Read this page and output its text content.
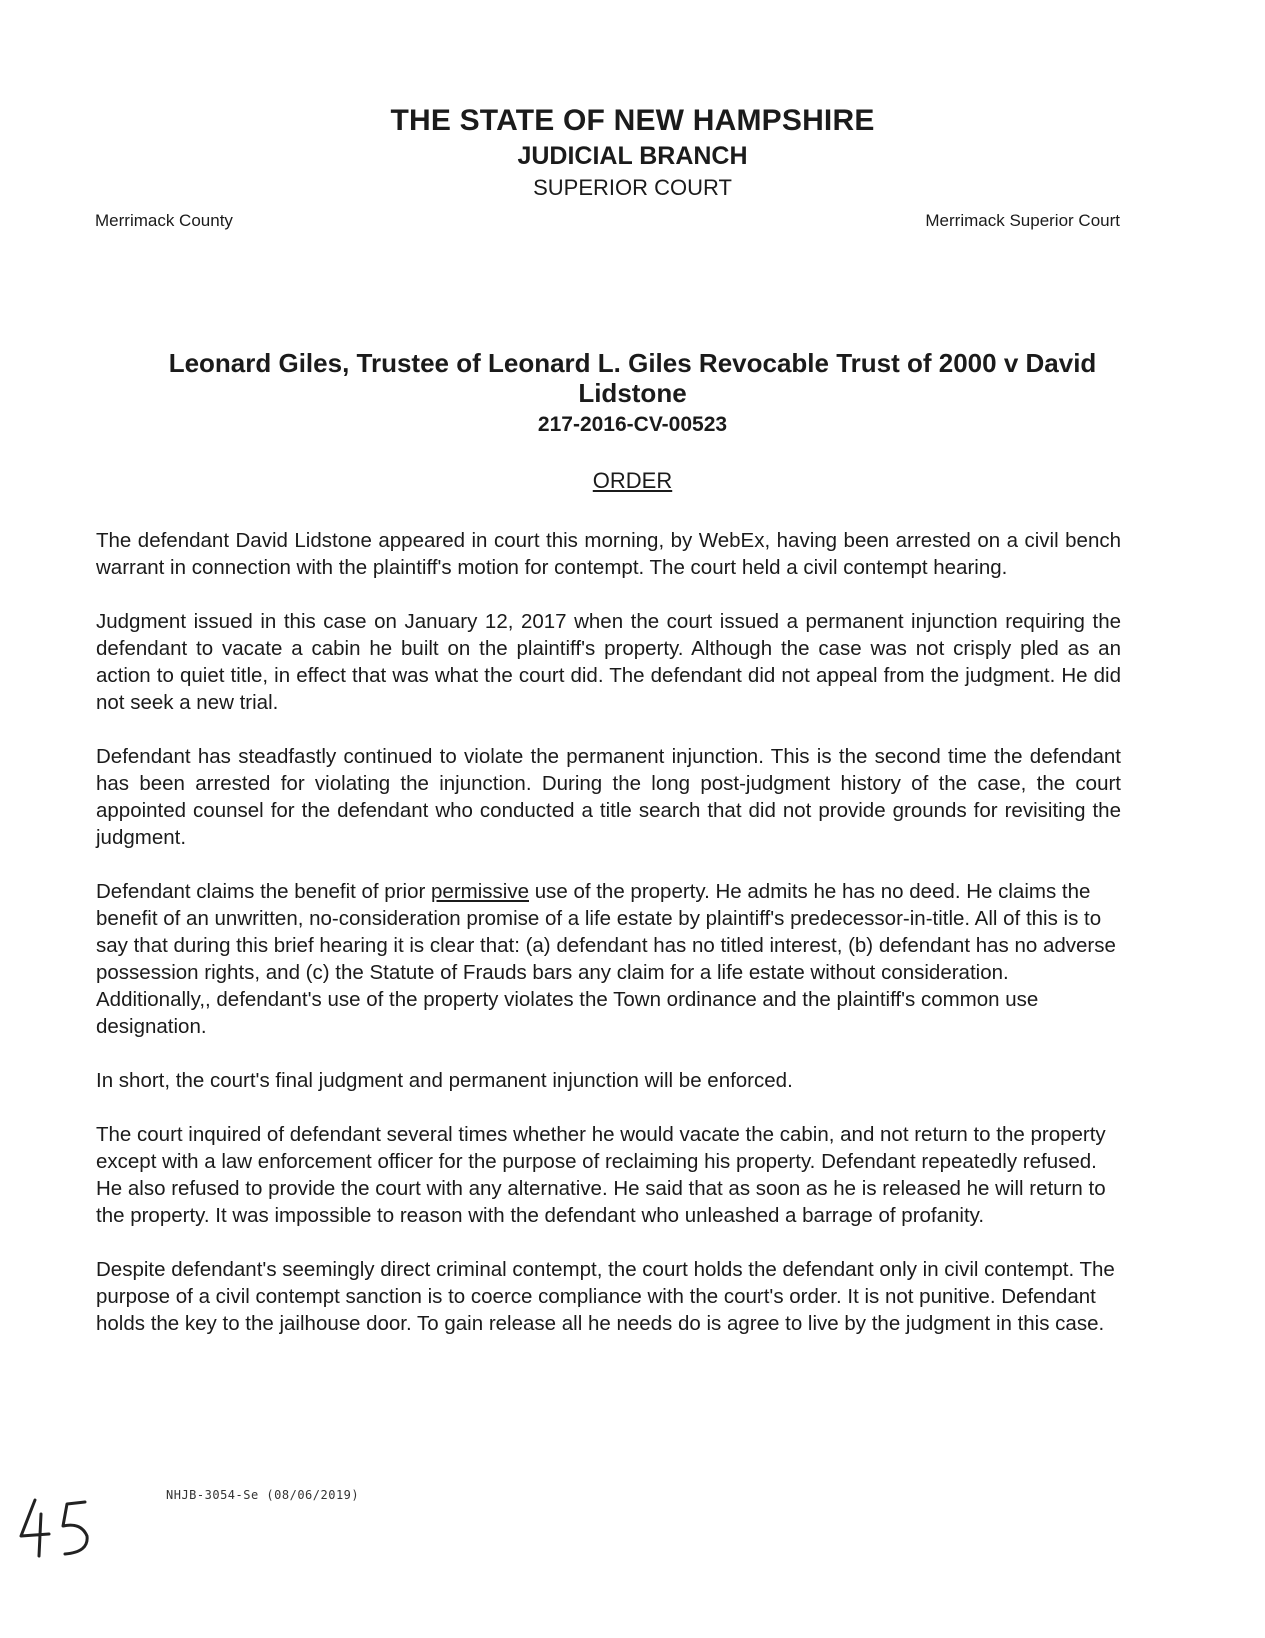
THE STATE OF NEW HAMPSHIRE
JUDICIAL BRANCH
SUPERIOR COURT
Merrimack County	Merrimack Superior Court
Leonard Giles, Trustee of Leonard L. Giles Revocable Trust of 2000 v David Lidstone
217-2016-CV-00523
ORDER

The defendant David Lidstone appeared in court this morning, by WebEx, having been arrested on a civil bench warrant in connection with the plaintiff's motion for contempt. The court held a civil contempt hearing.

Judgment issued in this case on January 12, 2017 when the court issued a permanent injunction requiring the defendant to vacate a cabin he built on the plaintiff's property. Although the case was not crisply pled as an action to quiet title, in effect that was what the court did. The defendant did not appeal from the judgment. He did not seek a new trial.

Defendant has steadfastly continued to violate the permanent injunction. This is the second time the defendant has been arrested for violating the injunction. During the long post-judgment history of the case, the court appointed counsel for the defendant who conducted a title search that did not provide grounds for revisiting the judgment.

Defendant claims the benefit of prior permissive use of the property. He admits he has no deed. He claims the benefit of an unwritten, no-consideration promise of a life estate by plaintiff's predecessor-in-title. All of this is to say that during this brief hearing it is clear that: (a) defendant has no titled interest, (b) defendant has no adverse possession rights, and (c) the Statute of Frauds bars any claim for a life estate without consideration. Additionally,, defendant's use of the property violates the Town ordinance and the plaintiff's common use designation.

In short, the court's final judgment and permanent injunction will be enforced.

The court inquired of defendant several times whether he would vacate the cabin, and not return to the property except with a law enforcement officer for the purpose of reclaiming his property. Defendant repeatedly refused. He also refused to provide the court with any alternative. He said that as soon as he is released he will return to the property. It was impossible to reason with the defendant who unleashed a barrage of profanity.

Despite defendant's seemingly direct criminal contempt, the court holds the defendant only in civil contempt. The purpose of a civil contempt sanction is to coerce compliance with the court's order. It is not punitive. Defendant holds the key to the jailhouse door. To gain release all he needs do is agree to live by the judgment in this case.

NHJB-3054-Se (08/06/2019)
